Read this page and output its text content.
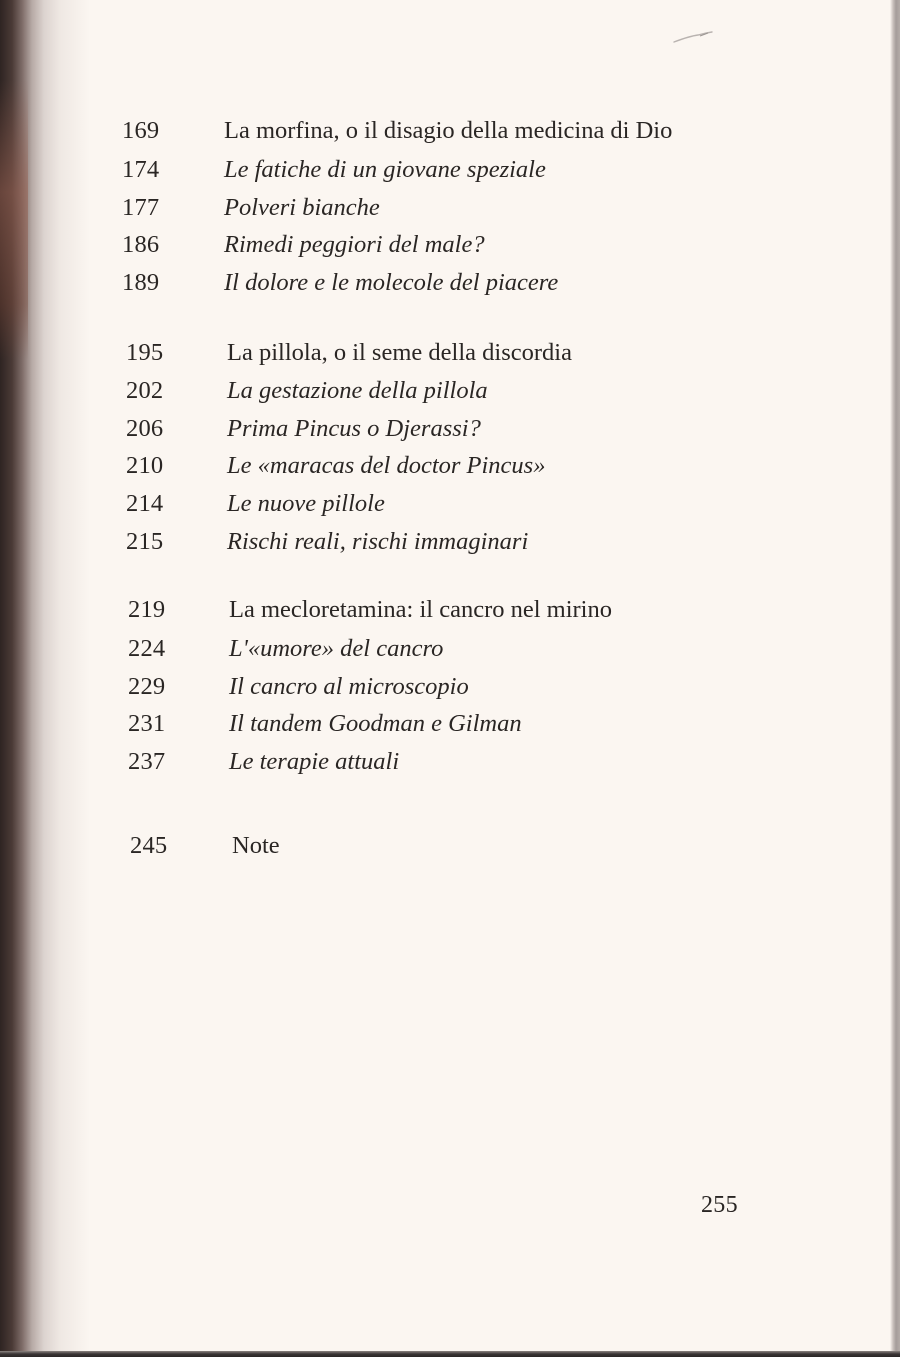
169	La morfina, o il disagio della medicina di Dio
174	Le fatiche di un giovane speziale
177	Polveri bianche
186	Rimedi peggiori del male?
189	Il dolore e le molecole del piacere
195	La pillola, o il seme della discordia
202	La gestazione della pillola
206	Prima Pincus o Djerassi?
210	Le «maracas del doctor Pincus»
214	Le nuove pillole
215	Rischi reali, rischi immaginari
219	La mecloretamina: il cancro nel mirino
224	L'«umore» del cancro
229	Il cancro al microscopio
231	Il tandem Goodman e Gilman
237	Le terapie attuali
245	Note
255
